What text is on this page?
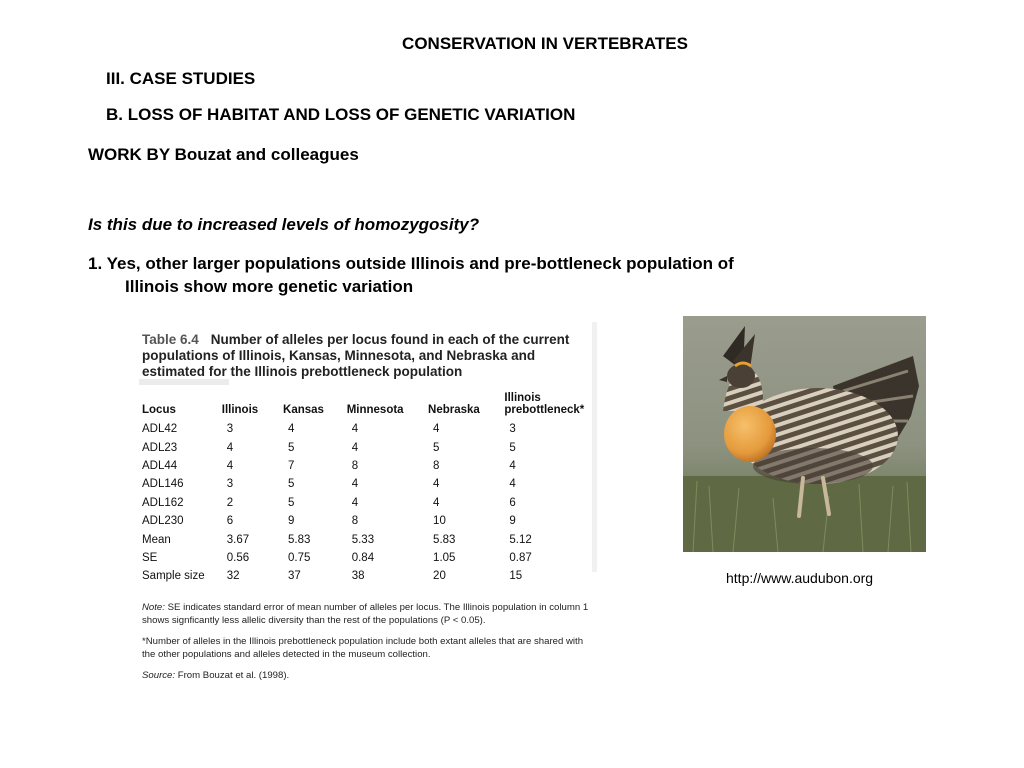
CONSERVATION IN VERTEBRATES
III. CASE STUDIES
B. LOSS OF HABITAT AND LOSS OF GENETIC VARIATION
WORK BY Bouzat and colleagues
Is this due to increased levels of homozygosity?
1. Yes, other larger populations outside Illinois and pre-bottleneck population of
Illinois show more genetic variation
Table 6.4 Number of alleles per locus found in each of the current populations of Illinois, Kansas, Minnesota, and Nebraska and estimated for the Illinois prebottleneck population
Locus	Illinois	Kansas	Minnesota	Nebraska	Illinois prebottleneck*
ADL42	3	4	4	4	3
ADL23	4	5	4	5	5
ADL44	4	7	8	8	4
ADL146	3	5	4	4	4
ADL162	2	5	4	4	6
ADL230	6	9	8	10	9
Mean	3.67	5.83	5.33	5.83	5.12
SE	0.56	0.75	0.84	1.05	0.87
Sample size	32	37	38	20	15

Note: SE indicates standard error of mean number of alleles per locus. The Illinois population in column 1 shows signficantly less allelic diversity than the rest of the populations (P < 0.05).

*Number of alleles in the Illinois prebottleneck population include both extant alleles that are shared with the other populations and alleles detected in the museum collection.

Source: From Bouzat et al. (1998).

http://www.audubon.org
